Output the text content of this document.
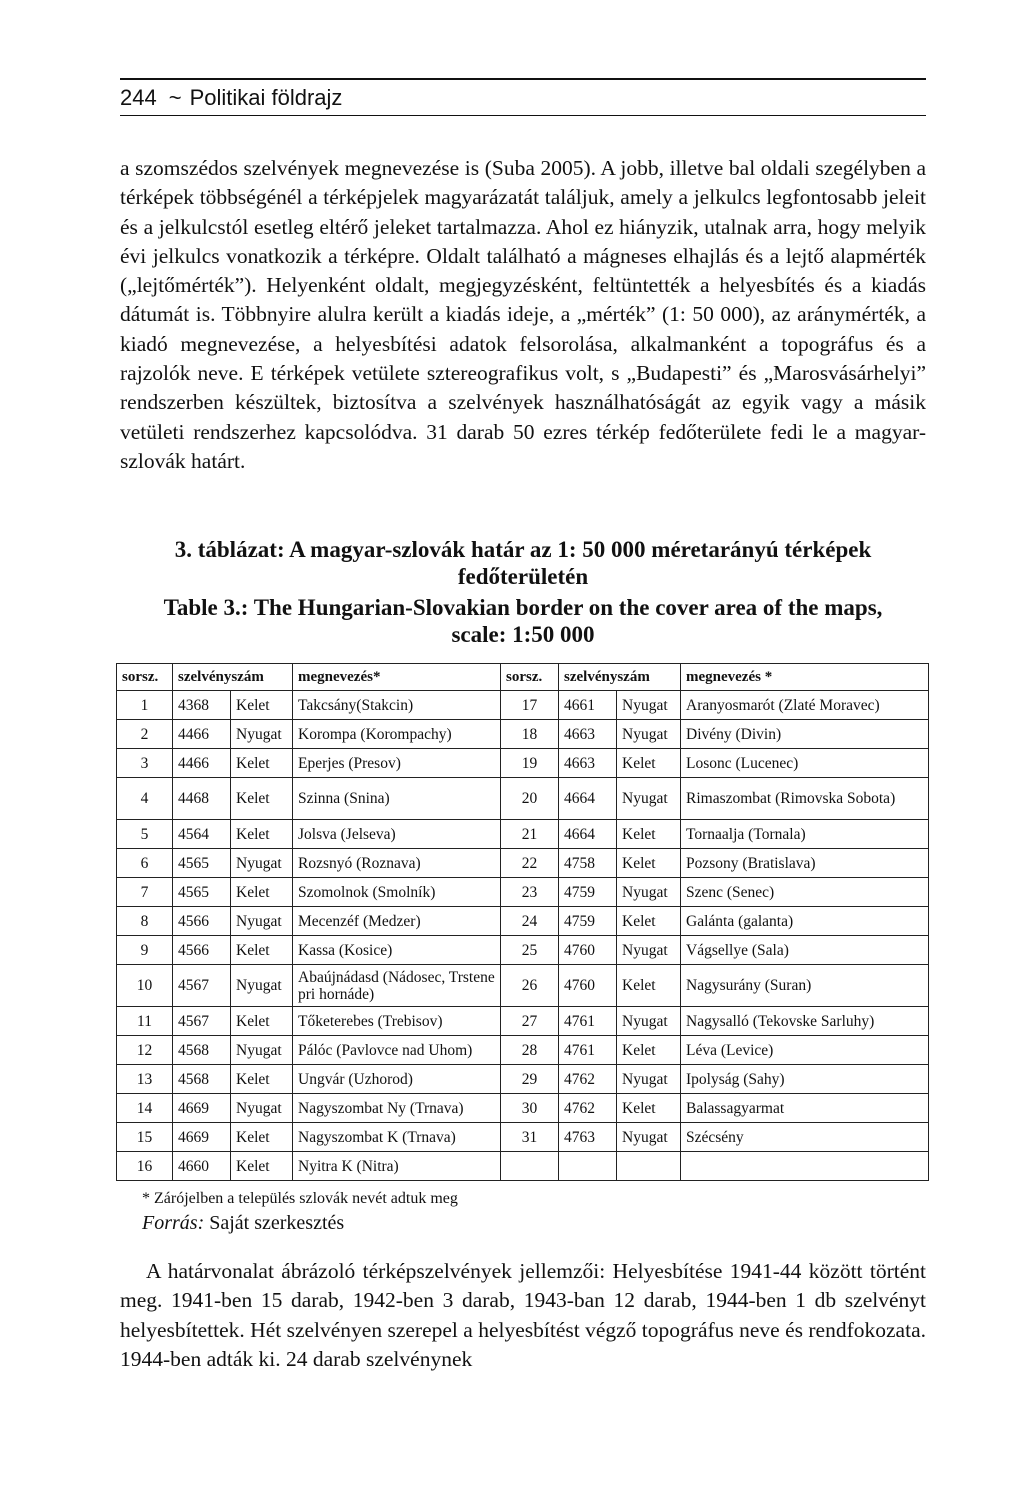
244 ~ Politikai földrajz

a szomszédos szelvények megnevezése is (Suba 2005). A jobb, illetve bal oldali szegélyben a térképek többségénél a térképjelek magyarázatát találjuk, amely a jelkulcs legfontosabb jeleit és a jelkulcstól esetleg eltérő jeleket tartalmazza. Ahol ez hiányzik, utalnak arra, hogy melyik évi jelkulcs vonatkozik a térképre. Oldalt található a mágneses elhajlás és a lejtő alapmérték („lejtőmérték”). Helyenként oldalt, megjegyzésként, feltüntették a helyesbítés és a kiadás dátumát is. Többnyire alulra került a kiadás ideje, a „mérték” (1: 50 000), az aránymérték, a kiadó megnevezése, a helyesbítési adatok felsorolása, alkalmanként a topográfus és a rajzolók neve. E térképek vetülete sztereografikus volt, s „Budapesti” és „Marosvásárhelyi” rendszerben készültek, biztosítva a szelvények használhatóságát az egyik vagy a másik vetületi rendszerhez kapcsolódva. 31 darab 50 ezres térkép fedőterülete fedi le a magyar-szlovák határt.

3. táblázat: A magyar-szlovák határ az 1: 50 000 méretarányú térképek
fedőterületén
Table 3.: The Hungarian-Slovakian border on the cover area of the maps,
scale: 1:50 000
sorsz.	szelvényszám		megnevezés*	sorsz.	szelvényszám		megnevezés *
1	4368	Kelet	Takcsány(Stakcin)	17	4661	Nyugat	Aranyosmarót (Zlaté Moravec)
2	4466	Nyugat	Korompa (Korompachy)	18	4663	Nyugat	Divény (Divin)
3	4466	Kelet	Eperjes (Presov)	19	4663	Kelet	Losonc (Lucenec)
4	4468	Kelet	Szinna (Snina)	20	4664	Nyugat	Rimaszombat (Rimovska Sobota)
5	4564	Kelet	Jolsva (Jelseva)	21	4664	Kelet	Tornaalja (Tornala)
6	4565	Nyugat	Rozsnyó (Roznava)	22	4758	Kelet	Pozsony (Bratislava)
7	4565	Kelet	Szomolnok (Smolník)	23	4759	Nyugat	Szenc (Senec)
8	4566	Nyugat	Mecenzéf (Medzer)	24	4759	Kelet	Galánta (galanta)
9	4566	Kelet	Kassa (Kosice)	25	4760	Nyugat	Vágsellye (Sala)
10	4567	Nyugat	Abaújnádasd (Nádosec, Trstene pri hornáde)	26	4760	Kelet	Nagysurány (Suran)
11	4567	Kelet	Tőketerebes (Trebisov)	27	4761	Nyugat	Nagysalló (Tekovske Sarluhy)
12	4568	Nyugat	Pálóc (Pavlovce nad Uhom)	28	4761	Kelet	Léva (Levice)
13	4568	Kelet	Ungvár (Uzhorod)	29	4762	Nyugat	Ipolyság (Sahy)
14	4669	Nyugat	Nagyszombat Ny (Trnava)	30	4762	Kelet	Balassagyarmat
15	4669	Kelet	Nagyszombat K (Trnava)	31	4763	Nyugat	Szécsény
16	4660	Kelet	Nyitra K (Nitra)				
* Zárójelben a település szlovák nevét adtuk meg
Forrás: Saját szerkesztés

A határvonalat ábrázoló térképszelvények jellemzői: Helyesbítése 1941-44 között történt meg. 1941-ben 15 darab, 1942-ben 3 darab, 1943-ban 12 darab, 1944-ben 1 db szelvényt helyesbítettek. Hét szelvényen szerepel a helyesbítést végző topográfus neve és rendfokozata. 1944-ben adták ki. 24 darab szelvénynek
